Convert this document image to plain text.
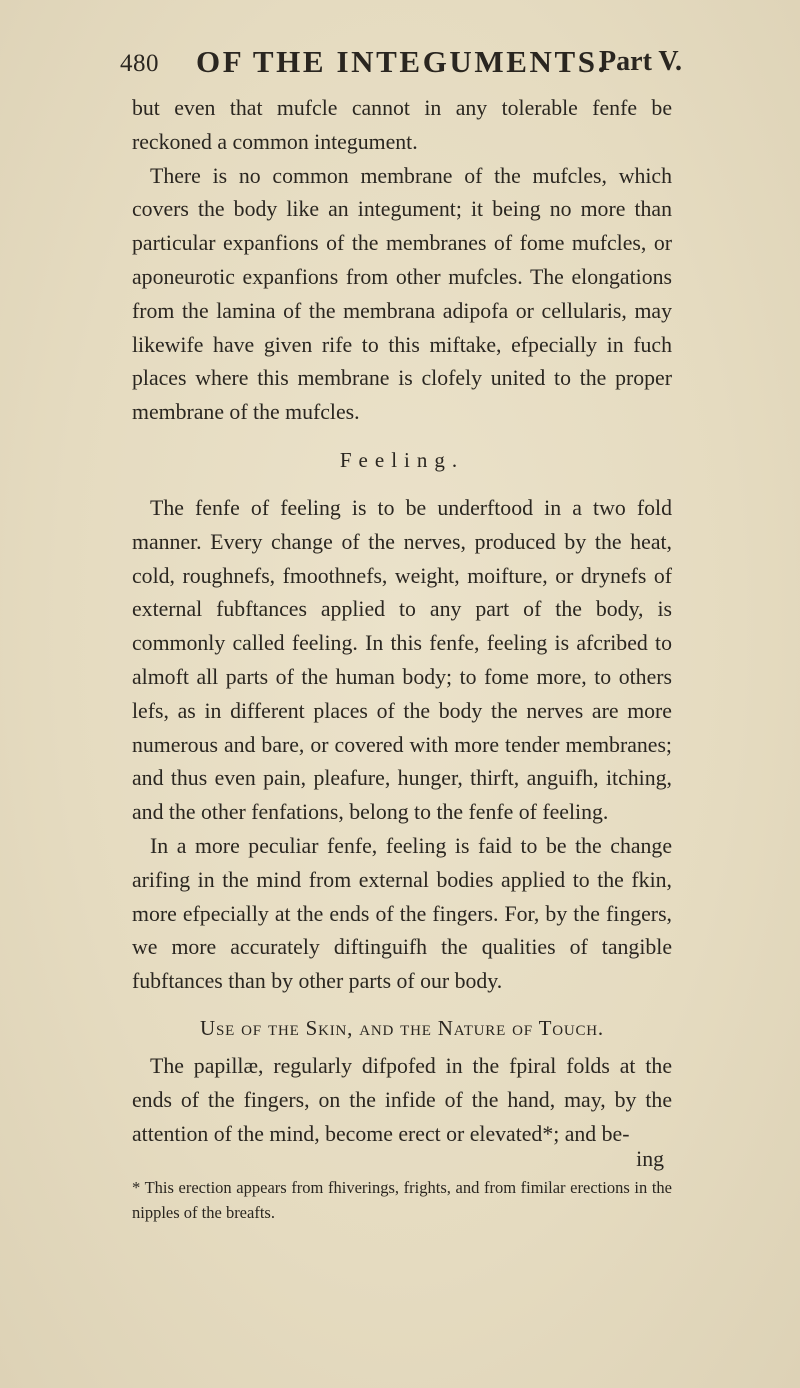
480 OF THE INTEGUMENTS.
Part V.

but even that mufcle cannot in any tolerable fenfe be reckoned a common integument.

There is no common membrane of the mufcles, which covers the body like an integument; it being no more than particular expanfions of the membranes of fome mufcles, or aponeurotic expanfions from other mufcles. The elongations from the lamina of the membrana adipofa or cellularis, may likewife have given rife to this miftake, efpecially in fuch places where this membrane is clofely united to the proper membrane of the mufcles.

Feeling.

The fenfe of feeling is to be underftood in a two fold manner. Every change of the nerves, produced by the heat, cold, roughnefs, fmoothnefs, weight, moifture, or drynefs of external fubftances applied to any part of the body, is commonly called feeling. In this fenfe, feeling is afcribed to almoft all parts of the human body; to fome more, to others lefs, as in different places of the body the nerves are more numerous and bare, or covered with more tender membranes; and thus even pain, pleafure, hunger, thirft, anguifh, itching, and the other fenfations, belong to the fenfe of feeling.

In a more peculiar fenfe, feeling is faid to be the change arifing in the mind from external bodies applied to the fkin, more efpecially at the ends of the fingers. For, by the fingers, we more accurately diftinguifh the qualities of tangible fubftances than by other parts of our body.

Use of the Skin, and the Nature of Touch.

The papillæ, regularly difpofed in the fpiral folds at the ends of the fingers, on the infide of the hand, may, by the attention of the mind, become erect or elevated*; and be-

ing
* This erection appears from fhiverings, frights, and from fimilar erections in the nipples of the breafts.
